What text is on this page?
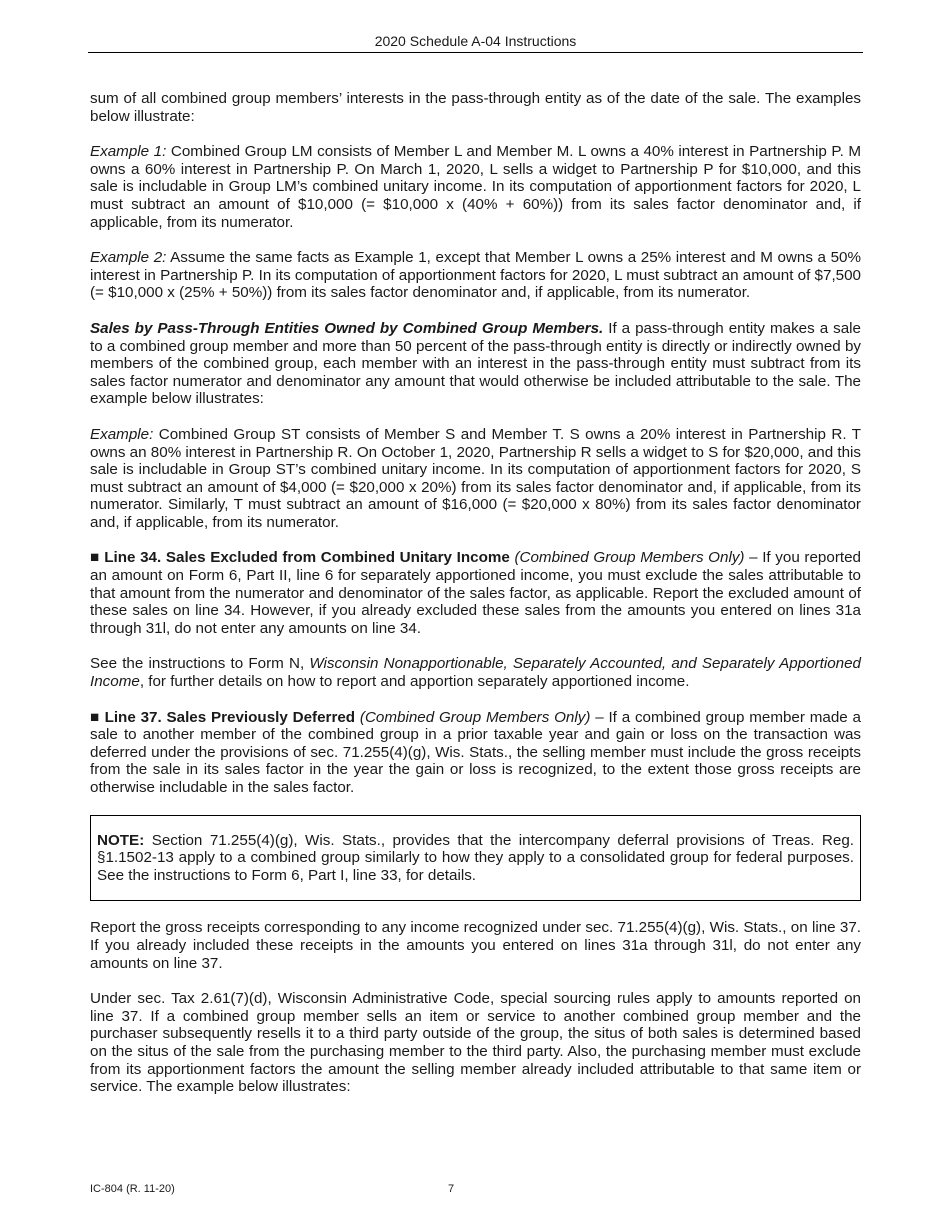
2020 Schedule A-04 Instructions

sum of all combined group members’ interests in the pass-through entity as of the date of the sale. The examples below illustrate:

Example 1: Combined Group LM consists of Member L and Member M. L owns a 40% interest in Partnership P. M owns a 60% interest in Partnership P. On March 1, 2020, L sells a widget to Partnership P for $10,000, and this sale is includable in Group LM’s combined unitary income. In its computation of apportionment factors for 2020, L must subtract an amount of $10,000 (= $10,000 x (40% + 60%)) from its sales factor denominator and, if applicable, from its numerator.

Example 2: Assume the same facts as Example 1, except that Member L owns a 25% interest and M owns a 50% interest in Partnership P. In its computation of apportionment factors for 2020, L must subtract an amount of $7,500 (= $10,000 x (25% + 50%)) from its sales factor denominator and, if applicable, from its numerator.

Sales by Pass-Through Entities Owned by Combined Group Members. If a pass-through entity makes a sale to a combined group member and more than 50 percent of the pass-through entity is directly or indirectly owned by members of the combined group, each member with an interest in the pass-through entity must subtract from its sales factor numerator and denominator any amount that would otherwise be included attributable to the sale. The example below illustrates:

Example: Combined Group ST consists of Member S and Member T. S owns a 20% interest in Partnership R. T owns an 80% interest in Partnership R. On October 1, 2020, Partnership R sells a widget to S for $20,000, and this sale is includable in Group ST’s combined unitary income. In its computation of apportionment factors for 2020, S must subtract an amount of $4,000 (= $20,000 x 20%) from its sales factor denominator and, if applicable, from its numerator. Similarly, T must subtract an amount of $16,000 (= $20,000 x 80%) from its sales factor denominator and, if applicable, from its numerator.

■ Line 34. Sales Excluded from Combined Unitary Income (Combined Group Members Only) – If you reported an amount on Form 6, Part II, line 6 for separately apportioned income, you must exclude the sales attributable to that amount from the numerator and denominator of the sales factor, as applicable. Report the excluded amount of these sales on line 34. However, if you already excluded these sales from the amounts you entered on lines 31a through 31l, do not enter any amounts on line 34.

See the instructions to Form N, Wisconsin Nonapportionable, Separately Accounted, and Separately Apportioned Income, for further details on how to report and apportion separately apportioned income.

■ Line 37. Sales Previously Deferred (Combined Group Members Only) – If a combined group member made a sale to another member of the combined group in a prior taxable year and gain or loss on the transaction was deferred under the provisions of sec. 71.255(4)(g), Wis. Stats., the selling member must include the gross receipts from the sale in its sales factor in the year the gain or loss is recognized, to the extent those gross receipts are otherwise includable in the sales factor.

NOTE: Section 71.255(4)(g), Wis. Stats., provides that the intercompany deferral provisions of Treas. Reg. §1.1502-13 apply to a combined group similarly to how they apply to a consolidated group for federal purposes. See the instructions to Form 6, Part I, line 33, for details.

Report the gross receipts corresponding to any income recognized under sec. 71.255(4)(g), Wis. Stats., on line 37. If you already included these receipts in the amounts you entered on lines 31a through 31l, do not enter any amounts on line 37.

Under sec. Tax 2.61(7)(d), Wisconsin Administrative Code, special sourcing rules apply to amounts reported on line 37. If a combined group member sells an item or service to another combined group member and the purchaser subsequently resells it to a third party outside of the group, the situs of both sales is determined based on the situs of the sale from the purchasing member to the third party. Also, the purchasing member must exclude from its apportionment factors the amount the selling member already included attributable to that same item or service. The example below illustrates:

IC-804 (R. 11-20)	7
